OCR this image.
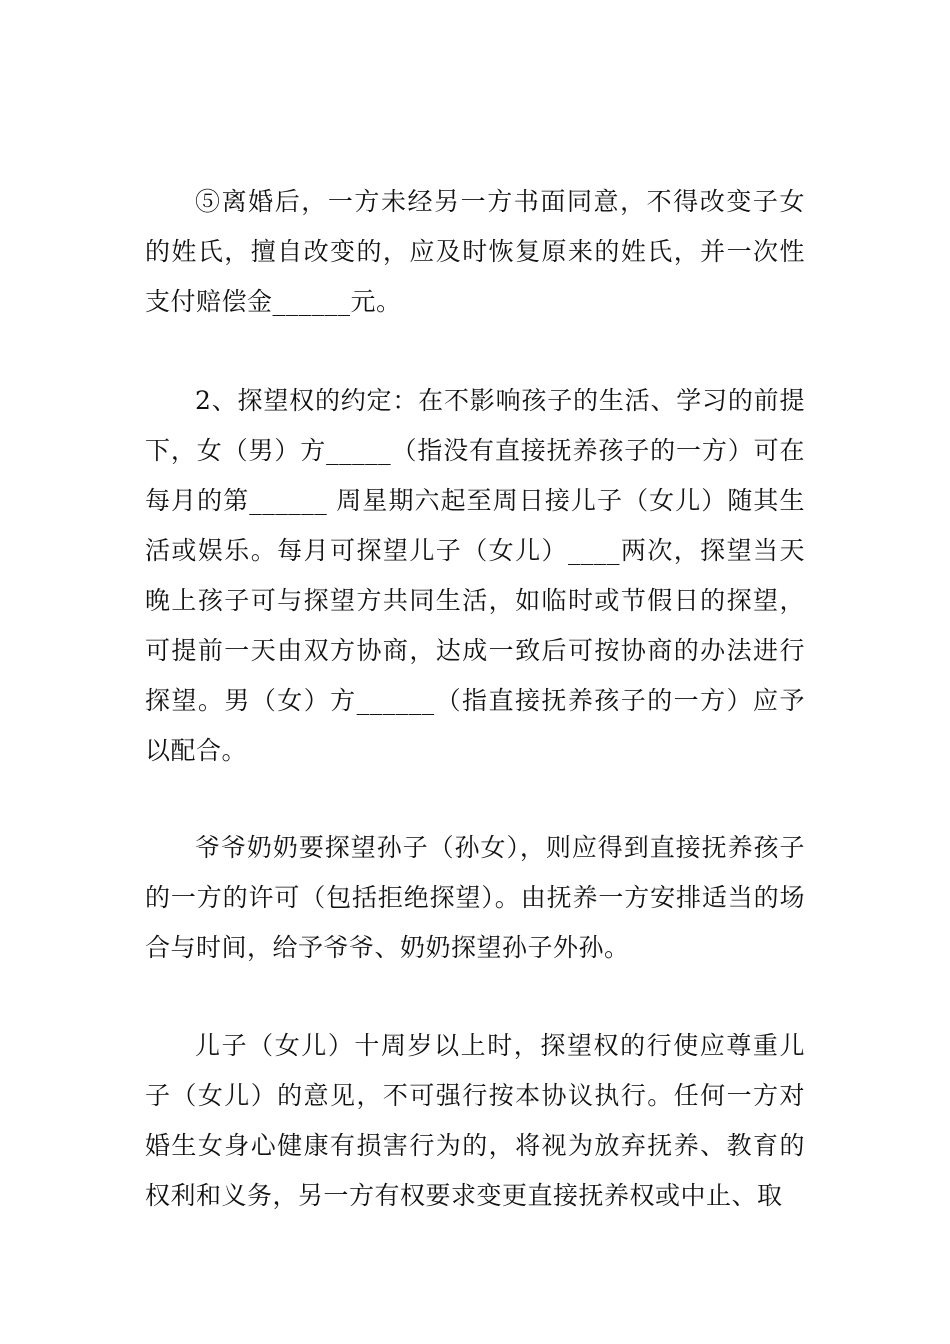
⑤离婚后，一方未经另一方书面同意，不得改变子女的姓氏，擅自改变的，应及时恢复原来的姓氏，并一次性支付赔偿金______元。

2、探望权的约定：在不影响孩子的生活、学习的前提下，女（男）方_____（指没有直接抚养孩子的一方）可在每月的第______ 周星期六起至周日接儿子（女儿）随其生活或娱乐。每月可探望儿子（女儿）____两次，探望当天晚上孩子可与探望方共同生活，如临时或节假日的探望，可提前一天由双方协商，达成一致后可按协商的办法进行探望。男（女）方______（指直接抚养孩子的一方）应予以配合。

爷爷奶奶要探望孙子（孙女），则应得到直接抚养孩子的一方的许可（包括拒绝探望）。由抚养一方安排适当的场合与时间，给予爷爷、奶奶探望孙子外孙。

儿子（女儿）十周岁以上时，探望权的行使应尊重儿子（女儿）的意见，不可强行按本协议执行。任何一方对婚生女身心健康有损害行为的，将视为放弃抚养、教育的权利和义务，另一方有权要求变更直接抚养权或中止、取
